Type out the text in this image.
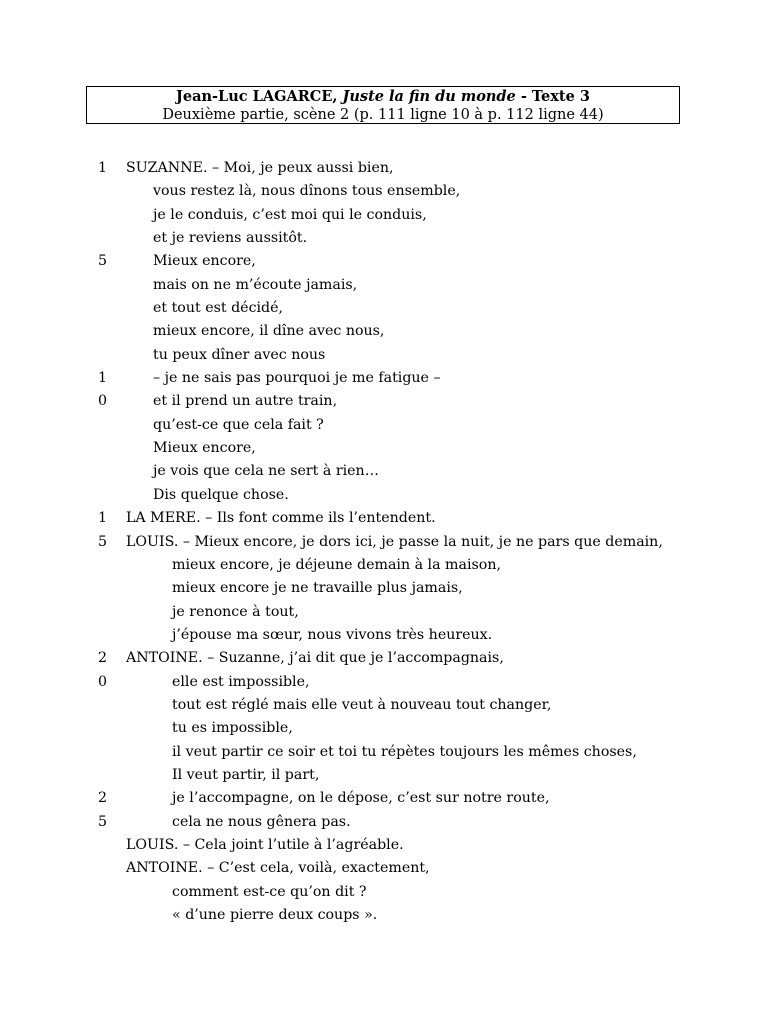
Jean-Luc LAGARCE, Juste la fin du monde - Texte 3
Deuxième partie, scène 2 (p. 111 ligne 10 à p. 112 ligne 44)
1 SUZANNE. – Moi, je peux aussi bien,
vous restez là, nous dînons tous ensemble,
je le conduis, c’est moi qui le conduis,
et je reviens aussitôt.
5	Mieux encore,
mais on ne m’écoute jamais,
et tout est décidé,
mieux encore, il dîne avec nous,
tu peux dîner avec nous
1	– je ne sais pas pourquoi je me fatigue –
0	et il prend un autre train,
qu’est-ce que cela fait ?
Mieux encore,
je vois que cela ne sert à rien…
Dis quelque chose.
1 LA MERE. – Ils font comme ils l’entendent.
5 LOUIS. – Mieux encore, je dors ici, je passe la nuit, je ne pars que demain,
mieux encore, je déjeune demain à la maison,
mieux encore je ne travaille plus jamais,
je renonce à tout,
j’épouse ma sœur, nous vivons très heureux.
2 ANTOINE. – Suzanne, j’ai dit que je l’accompagnais,
0	elle est impossible,
tout est réglé mais elle veut à nouveau tout changer,
tu es impossible,
il veut partir ce soir et toi tu répètes toujours les mêmes choses,
Il veut partir, il part,
2	je l’accompagne, on le dépose, c’est sur notre route,
5	cela ne nous gênera pas.
LOUIS. – Cela joint l’utile à l’agréable.
ANTOINE. – C’est cela, voilà, exactement,
comment est-ce qu’on dit ?
« d’une pierre deux coups ».
